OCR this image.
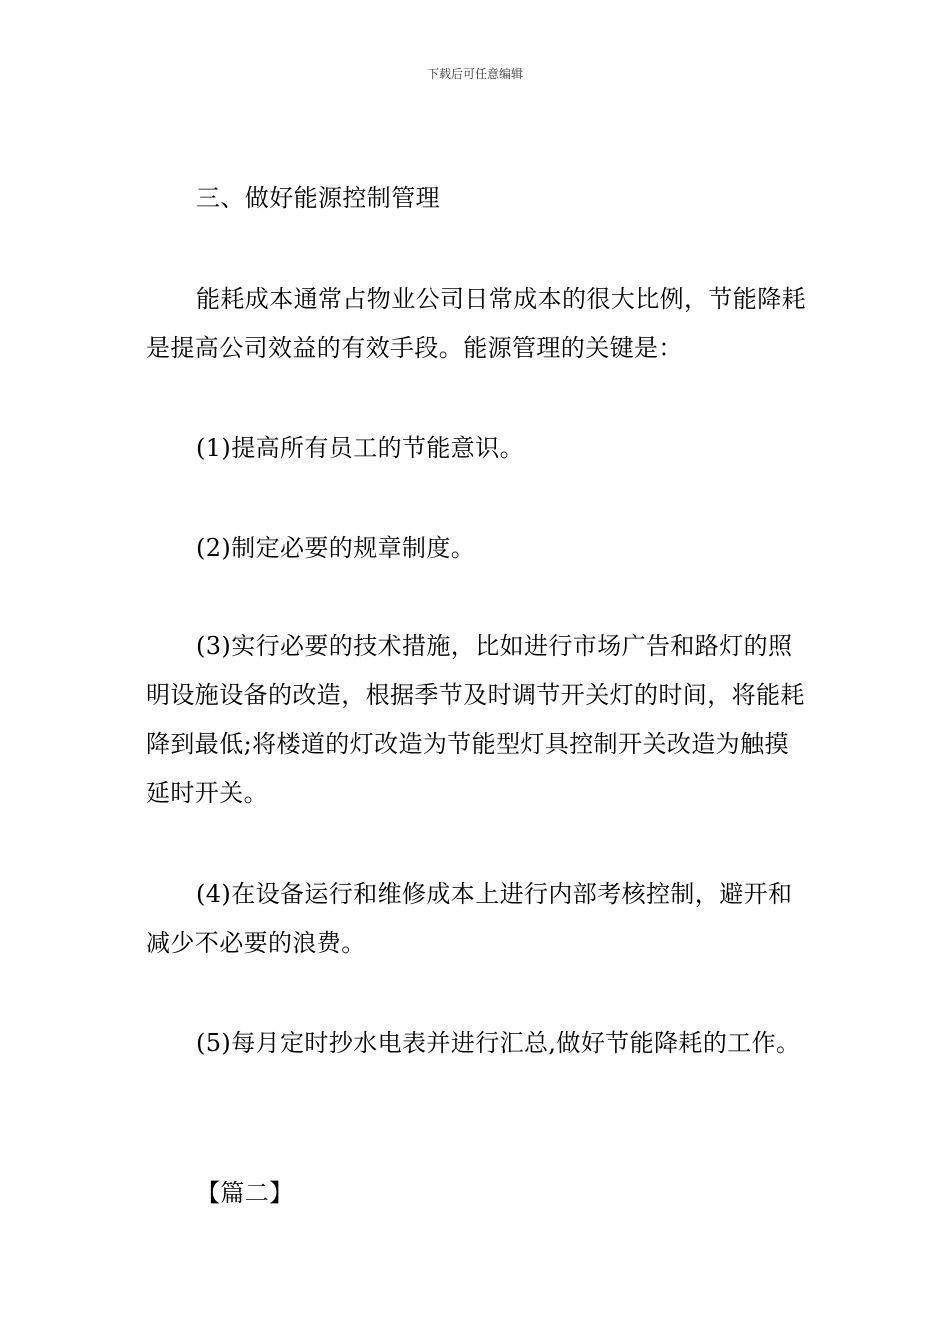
下载后可任意编辑

三、做好能源控制管理

能耗成本通常占物业公司日常成本的很大比例，节能降耗是提高公司效益的有效手段。能源管理的关键是：

(1)提高所有员工的节能意识。

(2)制定必要的规章制度。

(3)实行必要的技术措施，比如进行市场广告和路灯的照明设施设备的改造，根据季节及时调节开关灯的时间，将能耗降到最低;将楼道的灯改造为节能型灯具控制开关改造为触摸延时开关。

(4)在设备运行和维修成本上进行内部考核控制，避开和减少不必要的浪费。

(5)每月定时抄水电表并进行汇总,做好节能降耗的工作。

【篇二】
